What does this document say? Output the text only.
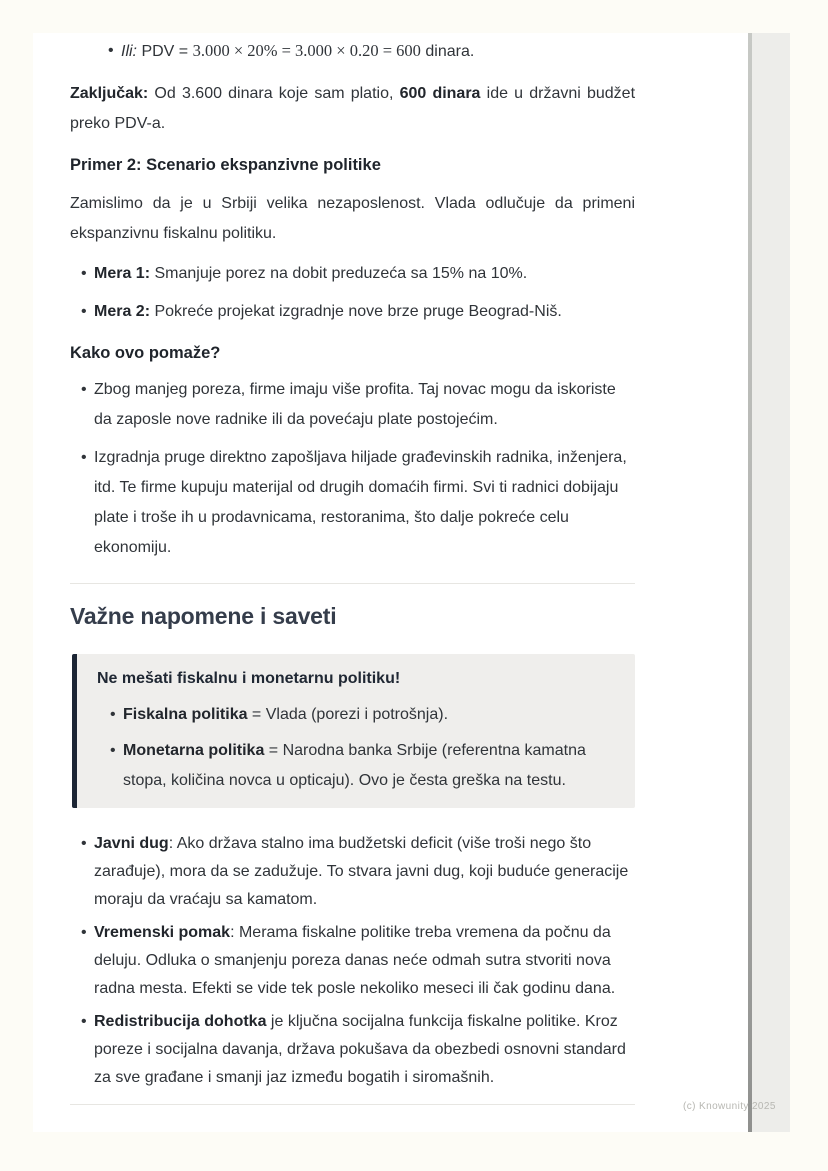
• Ili: PDV = 3.000 × 20% = 3.000 × 0.20 = 600 dinara.

Zaključak: Od 3.600 dinara koje sam platio, 600 dinara ide u državni budžet preko PDV-a.

Primer 2: Scenario ekspanzivne politike

Zamislimo da je u Srbiji velika nezaposlenost. Vlada odlučuje da primeni ekspanzivnu fiskalnu politiku.

• Mera 1: Smanjuje porez na dobit preduzeća sa 15% na 10%.
• Mera 2: Pokreće projekat izgradnje nove brze pruge Beograd-Niš.
Kako ovo pomaže?
• Zbog manjeg poreza, firme imaju više profita. Taj novac mogu da iskoriste da zaposle nove radnike ili da povećaju plate postojećim.
• Izgradnja pruge direktno zapošljava hiljade građevinskih radnika, inženjera, itd. Te firme kupuju materijal od drugih domaćih firmi. Svi ti radnici dobijaju plate i troše ih u prodavnicama, restoranima, što dalje pokreće celu ekonomiju.
Važne napomene i saveti
Ne mešati fiskalnu i monetarnu politiku!
• Fiskalna politika = Vlada (porezi i potrošnja).
• Monetarna politika = Narodna banka Srbije (referentna kamatna stopa, količina novca u opticaju). Ovo je česta greška na testu.
• Javni dug: Ako država stalno ima budžetski deficit (više troši nego što zarađuje), mora da se zadužuje. To stvara javni dug, koji buduće generacije moraju da vraćaju sa kamatom.
• Vremenski pomak: Merama fiskalne politike treba vremena da počnu da deluju. Odluka o smanjenju poreza danas neće odmah sutra stvoriti nova radna mesta. Efekti se vide tek posle nekoliko meseci ili čak godinu dana.
• Redistribucija dohotka je ključna socijalna funkcija fiskalne politike. Kroz poreze i socijalna davanja, država pokušava da obezbedi osnovni standard za sve građane i smanji jaz između bogatih i siromašnih.
(c) Knowunity 2025
